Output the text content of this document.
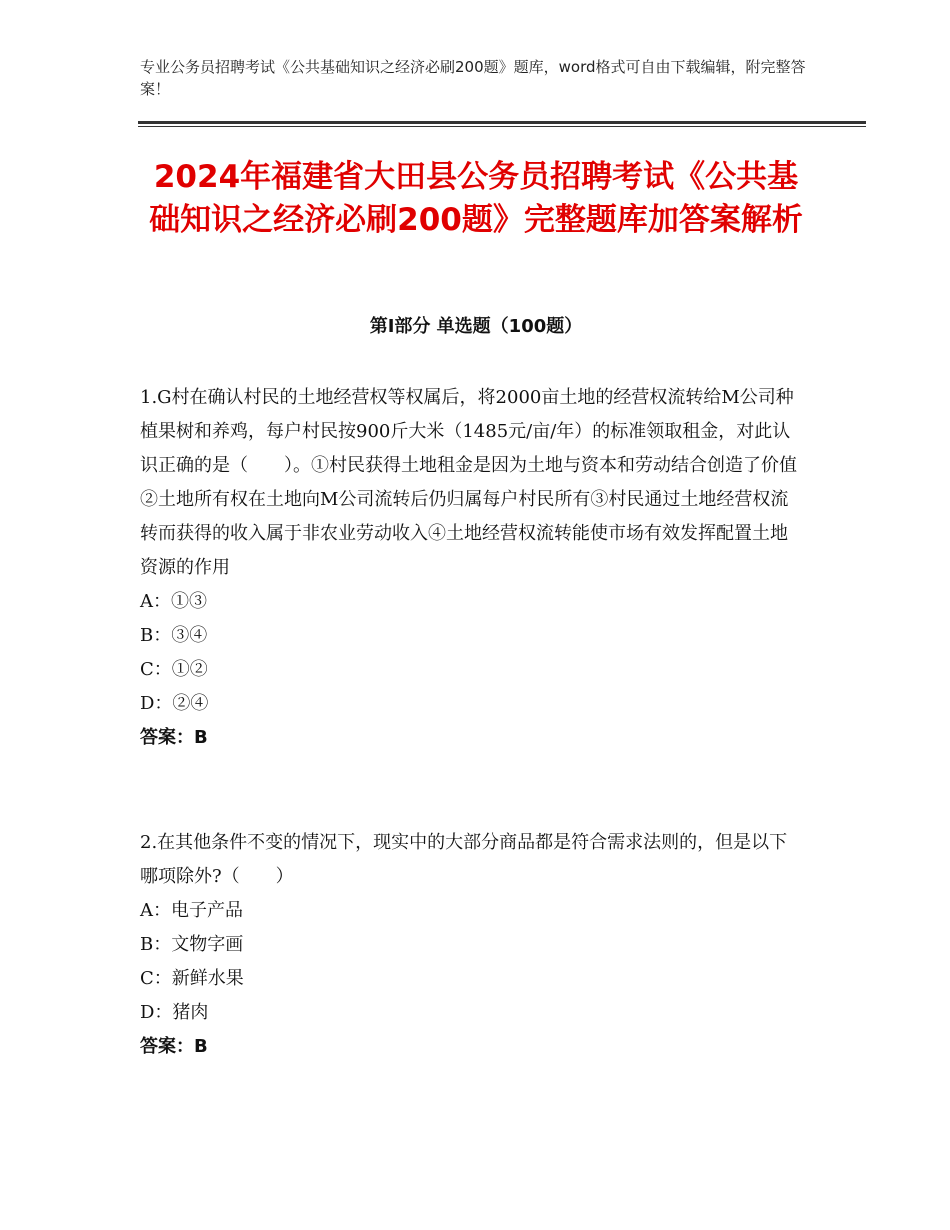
专业公务员招聘考试《公共基础知识之经济必刷200题》题库，word格式可自由下载编辑，附完整答案！
2024年福建省大田县公务员招聘考试《公共基础知识之经济必刷200题》完整题库加答案解析
第Ⅰ部分 单选题（100题）

1.G村在确认村民的土地经营权等权属后，将2000亩土地的经营权流转给M公司种植果树和养鸡，每户村民按900斤大米（1485元/亩/年）的标准领取租金，对此认识正确的是（　　）。①村民获得土地租金是因为土地与资本和劳动结合创造了价值②土地所有权在土地向M公司流转后仍归属每户村民所有③村民通过土地经营权流转而获得的收入属于非农业劳动收入④土地经营权流转能使市场有效发挥配置土地资源的作用

A：①③

B：③④

C：①②

D：②④

答案：B

2.在其他条件不变的情况下，现实中的大部分商品都是符合需求法则的，但是以下哪项除外?（　　）

A：电子产品

B：文物字画

C：新鲜水果

D：猪肉

答案：B
